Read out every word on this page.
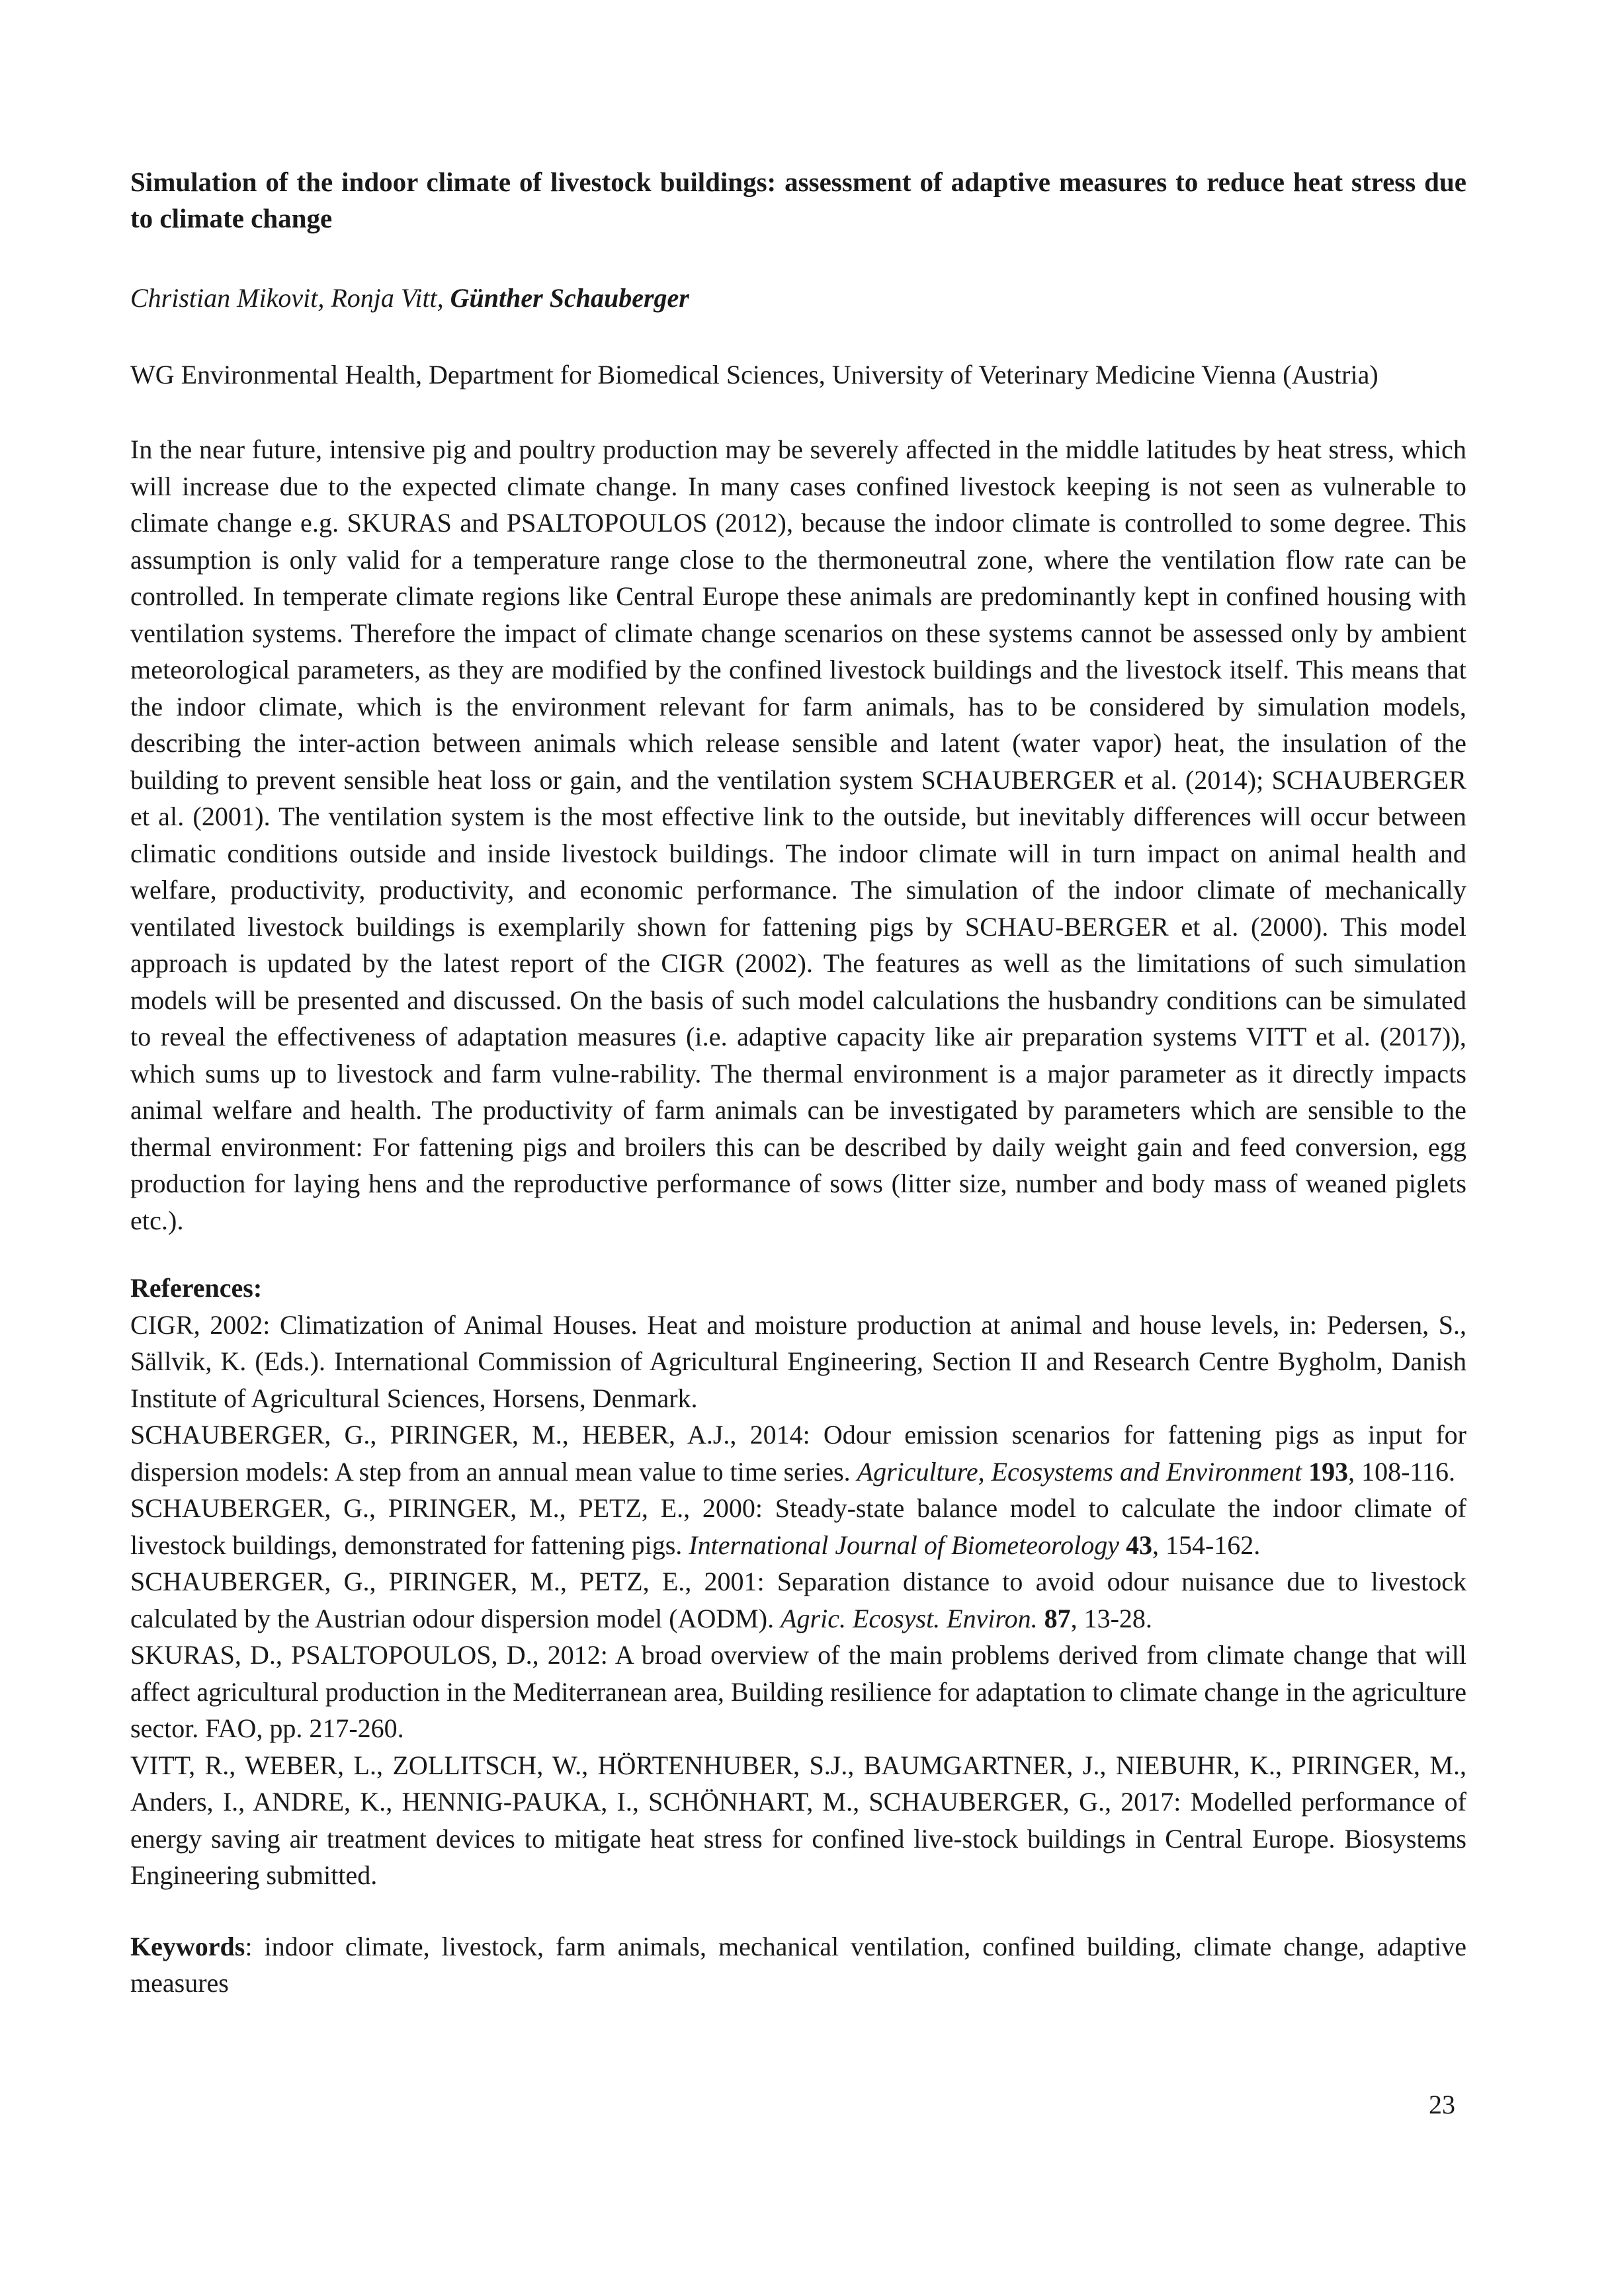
Simulation of the indoor climate of livestock buildings: assessment of adaptive measures to reduce heat stress due to climate change
Christian Mikovit, Ronja Vitt, Günther Schauberger
WG Environmental Health, Department for Biomedical Sciences, University of Veterinary Medicine Vienna (Austria)
In the near future, intensive pig and poultry production may be severely affected in the middle latitudes by heat stress, which will increase due to the expected climate change. In many cases confined livestock keeping is not seen as vulnerable to climate change e.g. SKURAS and PSALTOPOULOS (2012), because the indoor climate is controlled to some degree. This assumption is only valid for a temperature range close to the thermoneutral zone, where the ventilation flow rate can be controlled. In temperate climate regions like Central Europe these animals are predominantly kept in confined housing with ventilation systems. Therefore the impact of climate change scenarios on these systems cannot be assessed only by ambient meteorological parameters, as they are modified by the confined livestock buildings and the livestock itself. This means that the indoor climate, which is the environment relevant for farm animals, has to be considered by simulation models, describing the inter-action between animals which release sensible and latent (water vapor) heat, the insulation of the building to prevent sensible heat loss or gain, and the ventilation system SCHAUBERGER et al. (2014); SCHAUBERGER et al. (2001). The ventilation system is the most effective link to the outside, but inevitably differences will occur between climatic conditions outside and inside livestock buildings. The indoor climate will in turn impact on animal health and welfare, productivity, productivity, and economic performance. The simulation of the indoor climate of mechanically ventilated livestock buildings is exemplarily shown for fattening pigs by SCHAU-BERGER et al. (2000). This model approach is updated by the latest report of the CIGR (2002). The features as well as the limitations of such simulation models will be presented and discussed. On the basis of such model calculations the husbandry conditions can be simulated to reveal the effectiveness of adaptation measures (i.e. adaptive capacity like air preparation systems VITT et al. (2017)), which sums up to livestock and farm vulne-rability. The thermal environment is a major parameter as it directly impacts animal welfare and health. The productivity of farm animals can be investigated by parameters which are sensible to the thermal environment: For fattening pigs and broilers this can be described by daily weight gain and feed conversion, egg production for laying hens and the reproductive performance of sows (litter size, number and body mass of weaned piglets etc.).
References:
CIGR, 2002: Climatization of Animal Houses. Heat and moisture production at animal and house levels, in: Pedersen, S., Sällvik, K. (Eds.). International Commission of Agricultural Engineering, Section II and Research Centre Bygholm, Danish Institute of Agricultural Sciences, Horsens, Denmark.
SCHAUBERGER, G., PIRINGER, M., HEBER, A.J., 2014: Odour emission scenarios for fattening pigs as input for dispersion models: A step from an annual mean value to time series. Agriculture, Ecosystems and Environment 193, 108-116.
SCHAUBERGER, G., PIRINGER, M., PETZ, E., 2000: Steady-state balance model to calculate the indoor climate of livestock buildings, demonstrated for fattening pigs. International Journal of Biometeorology 43, 154-162.
SCHAUBERGER, G., PIRINGER, M., PETZ, E., 2001: Separation distance to avoid odour nuisance due to livestock calculated by the Austrian odour dispersion model (AODM). Agric. Ecosyst. Environ. 87, 13-28.
SKURAS, D., PSALTOPOULOS, D., 2012: A broad overview of the main problems derived from climate change that will affect agricultural production in the Mediterranean area, Building resilience for adaptation to climate change in the agriculture sector. FAO, pp. 217-260.
VITT, R., WEBER, L., ZOLLITSCH, W., HÖRTENHUBER, S.J., BAUMGARTNER, J., NIEBUHR, K., PIRINGER, M., Anders, I., ANDRE, K., HENNIG-PAUKA, I., SCHÖNHART, M., SCHAUBERGER, G., 2017: Modelled performance of energy saving air treatment devices to mitigate heat stress for confined live-stock buildings in Central Europe. Biosystems Engineering submitted.
Keywords: indoor climate, livestock, farm animals, mechanical ventilation, confined building, climate change, adaptive measures
23
